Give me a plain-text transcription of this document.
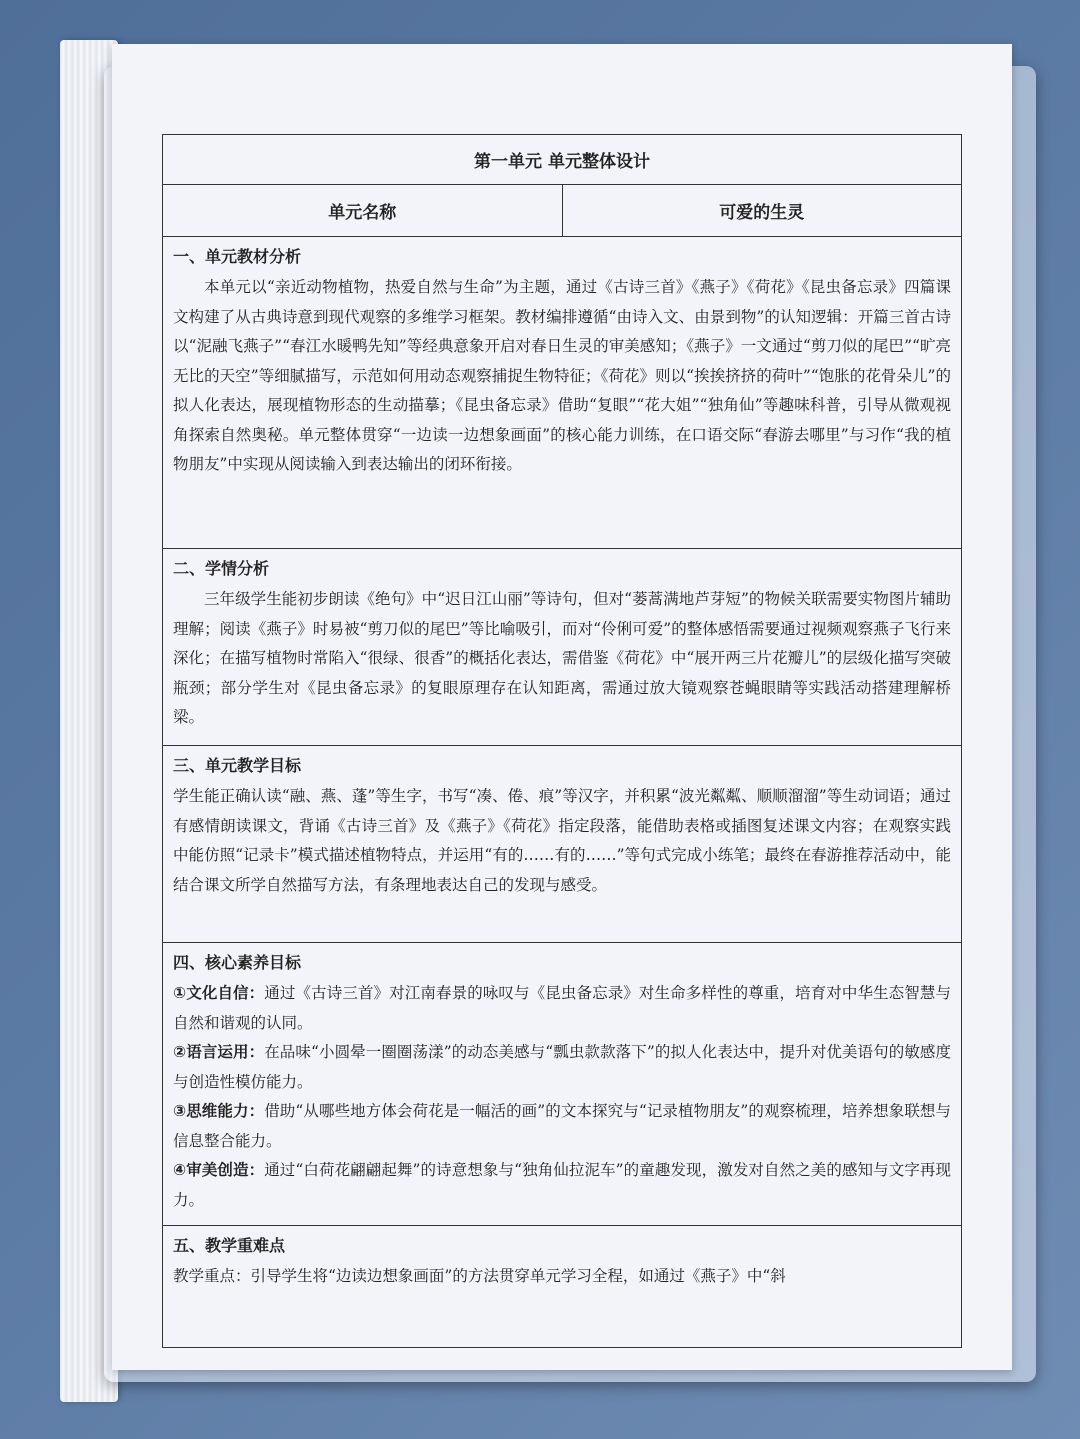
第一单元 单元整体设计
单元名称	可爱的生灵
一、单元教材分析

本单元以“亲近动物植物，热爱自然与生命”为主题，通过《古诗三首》《燕子》《荷花》《昆虫备忘录》四篇课文构建了从古典诗意到现代观察的多维学习框架。教材编排遵循“由诗入文、由景到物”的认知逻辑：开篇三首古诗以“泥融飞燕子”“春江水暖鸭先知”等经典意象开启对春日生灵的审美感知；《燕子》一文通过“剪刀似的尾巴”“旷亮无比的天空”等细腻描写，示范如何用动态观察捕捉生物特征；《荷花》则以“挨挨挤挤的荷叶”“饱胀的花骨朵儿”的拟人化表达，展现植物形态的生动描摹；《昆虫备忘录》借助“复眼”“花大姐”“独角仙”等趣味科普，引导从微观视角探索自然奥秘。单元整体贯穿“一边读一边想象画面”的核心能力训练，在口语交际“春游去哪里”与习作“我的植物朋友”中实现从阅读输入到表达输出的闭环衔接。

二、学情分析

三年级学生能初步朗读《绝句》中“迟日江山丽”等诗句，但对“蒌蒿满地芦芽短”的物候关联需要实物图片辅助理解；阅读《燕子》时易被“剪刀似的尾巴”等比喻吸引，而对“伶俐可爱”的整体感悟需要通过视频观察燕子飞行来深化；在描写植物时常陷入“很绿、很香”的概括化表达，需借鉴《荷花》中“展开两三片花瓣儿”的层级化描写突破瓶颈；部分学生对《昆虫备忘录》的复眼原理存在认知距离，需通过放大镜观察苍蝇眼睛等实践活动搭建理解桥梁。

三、单元教学目标

学生能正确认读“融、燕、蓬”等生字，书写“凑、倦、痕”等汉字，并积累“波光粼粼、顺顺溜溜”等生动词语；通过有感情朗读课文，背诵《古诗三首》及《燕子》《荷花》指定段落，能借助表格或插图复述课文内容；在观察实践中能仿照“记录卡”模式描述植物特点，并运用“有的……有的……”等句式完成小练笔；最终在春游推荐活动中，能结合课文所学自然描写方法，有条理地表达自己的发现与感受。

四、核心素养目标

①文化自信：通过《古诗三首》对江南春景的咏叹与《昆虫备忘录》对生命多样性的尊重，培育对中华生态智慧与自然和谐观的认同。

②语言运用：在品味“小圆晕一圈圈荡漾”的动态美感与“瓢虫款款落下”的拟人化表达中，提升对优美语句的敏感度与创造性模仿能力。

③思维能力：借助“从哪些地方体会荷花是一幅活的画”的文本探究与“记录植物朋友”的观察梳理，培养想象联想与信息整合能力。

④审美创造：通过“白荷花翩翩起舞”的诗意想象与“独角仙拉泥车”的童趣发现，激发对自然之美的感知与文字再现力。

五、教学重难点

教学重点：引导学生将“边读边想象画面”的方法贯穿单元学习全程，如通过《燕子》中“斜
